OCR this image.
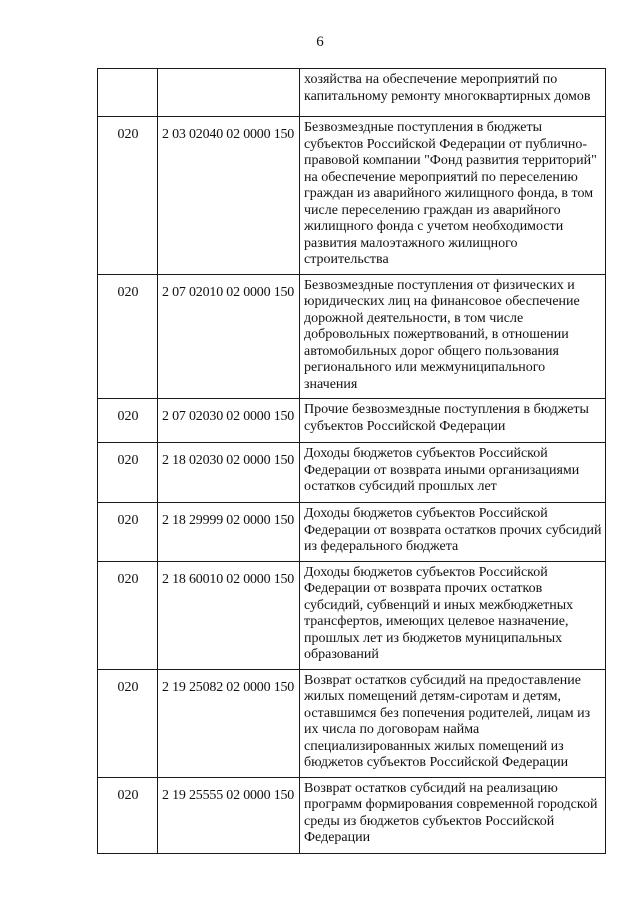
6
		хозяйства на обеспечение мероприятий по капитальному ремонту многоквартирных домов
020	2 03 02040 02 0000 150	Безвозмездные поступления в бюджеты субъектов Российской Федерации от публично-правовой компании "Фонд развития территорий" на обеспечение мероприятий по переселению граждан из аварийного жилищного фонда, в том числе переселению граждан из аварийного жилищного фонда с учетом необходимости развития малоэтажного жилищного строительства
020	2 07 02010 02 0000 150	Безвозмездные поступления от физических и юридических лиц на финансовое обеспечение дорожной деятельности, в том числе добровольных пожертвований, в отношении автомобильных дорог общего пользования регионального или межмуниципального значения
020	2 07 02030 02 0000 150	Прочие безвозмездные поступления в бюджеты субъектов Российской Федерации
020	2 18 02030 02 0000 150	Доходы бюджетов субъектов Российской Федерации от возврата иными организациями остатков субсидий прошлых лет
020	2 18 29999 02 0000 150	Доходы бюджетов субъектов Российской Федерации от возврата остатков прочих субсидий из федерального бюджета
020	2 18 60010 02 0000 150	Доходы бюджетов субъектов Российской Федерации от возврата прочих остатков субсидий, субвенций и иных межбюджетных трансфертов, имеющих целевое назначение, прошлых лет из бюджетов муниципальных образований
020	2 19 25082 02 0000 150	Возврат остатков субсидий на предоставление жилых помещений детям-сиротам и детям, оставшимся без попечения родителей, лицам из их числа по договорам найма специализированных жилых помещений из бюджетов субъектов Российской Федерации
020	2 19 25555 02 0000 150	Возврат остатков субсидий на реализацию программ формирования современной городской среды из бюджетов субъектов Российской Федерации
